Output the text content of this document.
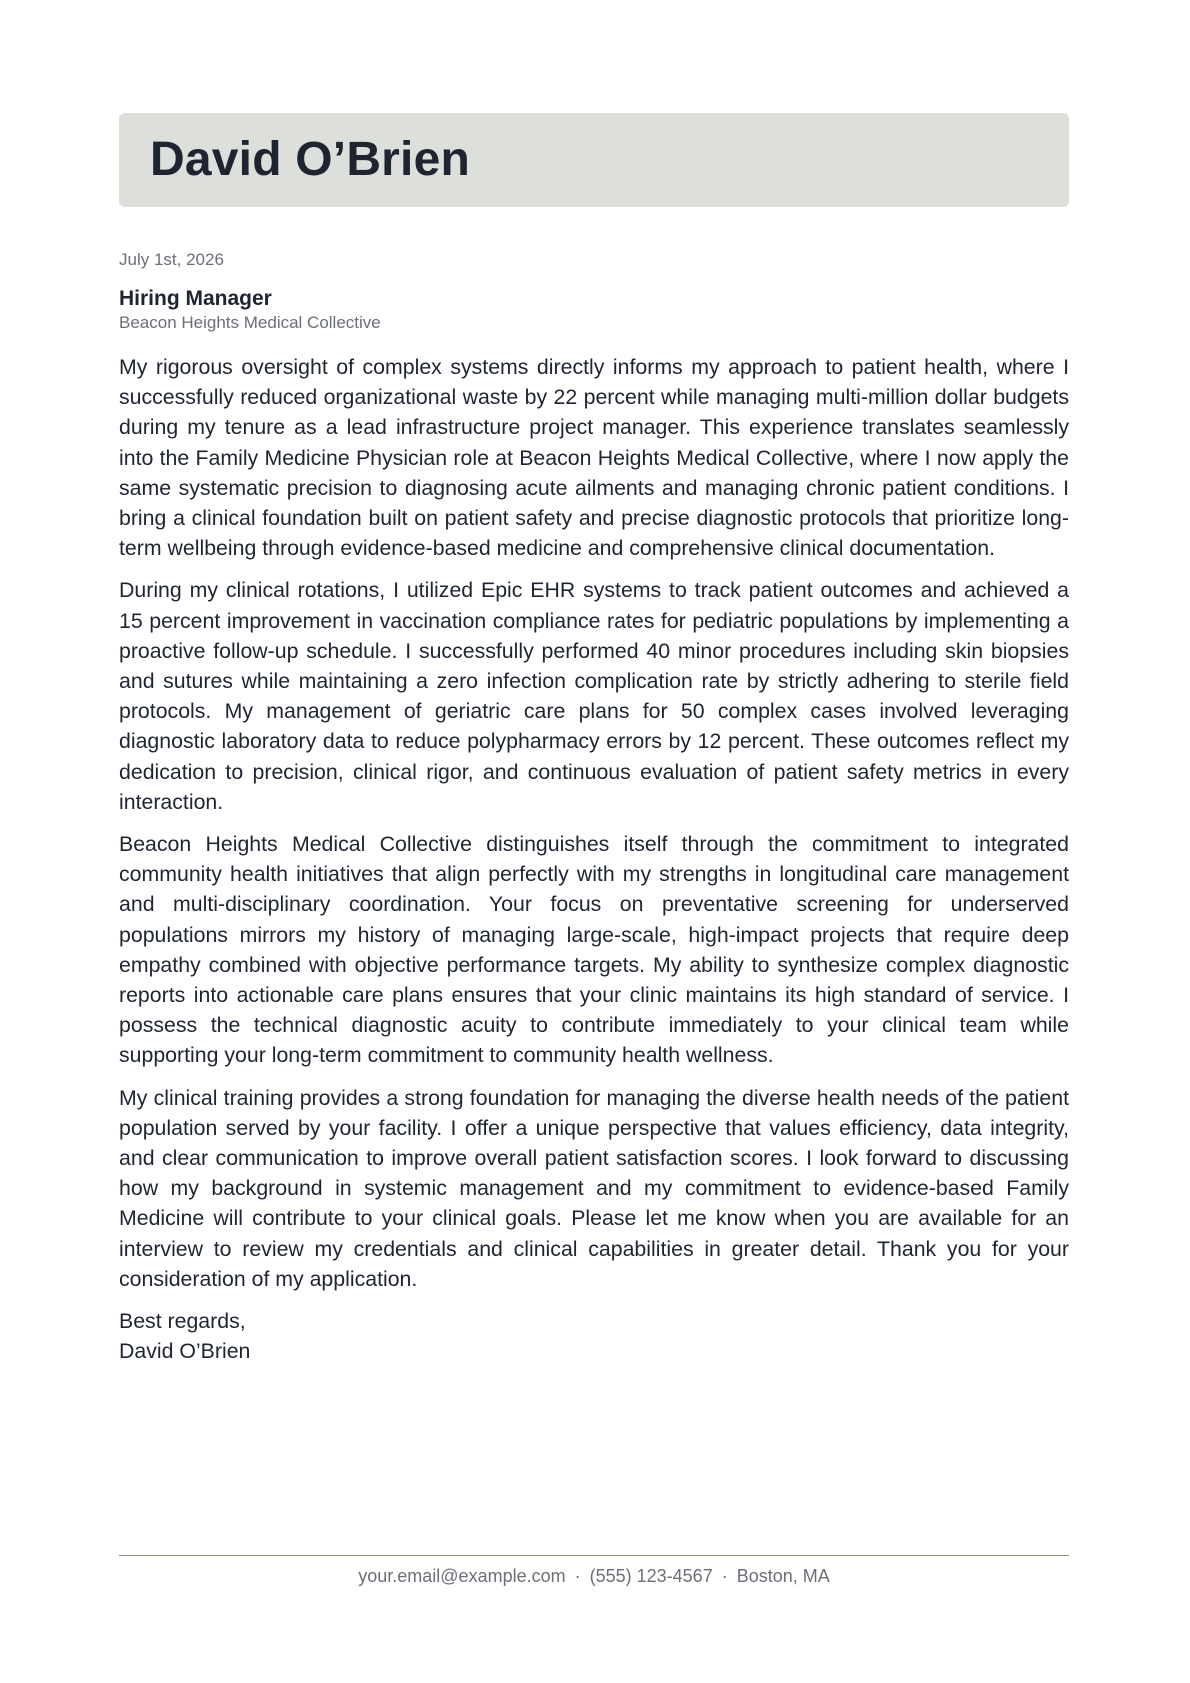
David O’Brien

July 1st, 2026

Hiring Manager

Beacon Heights Medical Collective

My rigorous oversight of complex systems directly informs my approach to patient health, where I successfully reduced organizational waste by 22 percent while managing multi-million dollar budgets during my tenure as a lead infrastructure project manager. This experience translates seamlessly into the Family Medicine Physician role at Beacon Heights Medical Collective, where I now apply the same systematic precision to diagnosing acute ailments and managing chronic patient conditions. I bring a clinical foundation built on patient safety and precise diagnostic protocols that prioritize long-term wellbeing through evidence-based medicine and comprehensive clinical documentation.

During my clinical rotations, I utilized Epic EHR systems to track patient outcomes and achieved a 15 percent improvement in vaccination compliance rates for pediatric populations by implementing a proactive follow-up schedule. I successfully performed 40 minor procedures including skin biopsies and sutures while maintaining a zero infection complication rate by strictly adhering to sterile field protocols. My management of geriatric care plans for 50 complex cases involved leveraging diagnostic laboratory data to reduce polypharmacy errors by 12 percent. These outcomes reflect my dedication to precision, clinical rigor, and continuous evaluation of patient safety metrics in every interaction.

Beacon Heights Medical Collective distinguishes itself through the commitment to integrated community health initiatives that align perfectly with my strengths in longitudinal care management and multi-disciplinary coordination. Your focus on preventative screening for underserved populations mirrors my history of managing large-scale, high-impact projects that require deep empathy combined with objective performance targets. My ability to synthesize complex diagnostic reports into actionable care plans ensures that your clinic maintains its high standard of service. I possess the technical diagnostic acuity to contribute immediately to your clinical team while supporting your long-term commitment to community health wellness.

My clinical training provides a strong foundation for managing the diverse health needs of the patient population served by your facility. I offer a unique perspective that values efficiency, data integrity, and clear communication to improve overall patient satisfaction scores. I look forward to discussing how my background in systemic management and my commitment to evidence-based Family Medicine will contribute to your clinical goals. Please let me know when you are available for an interview to review my credentials and clinical capabilities in greater detail. Thank you for your consideration of my application.

Best regards,

David O’Brien

your.email@example.com · (555) 123-4567 · Boston, MA
